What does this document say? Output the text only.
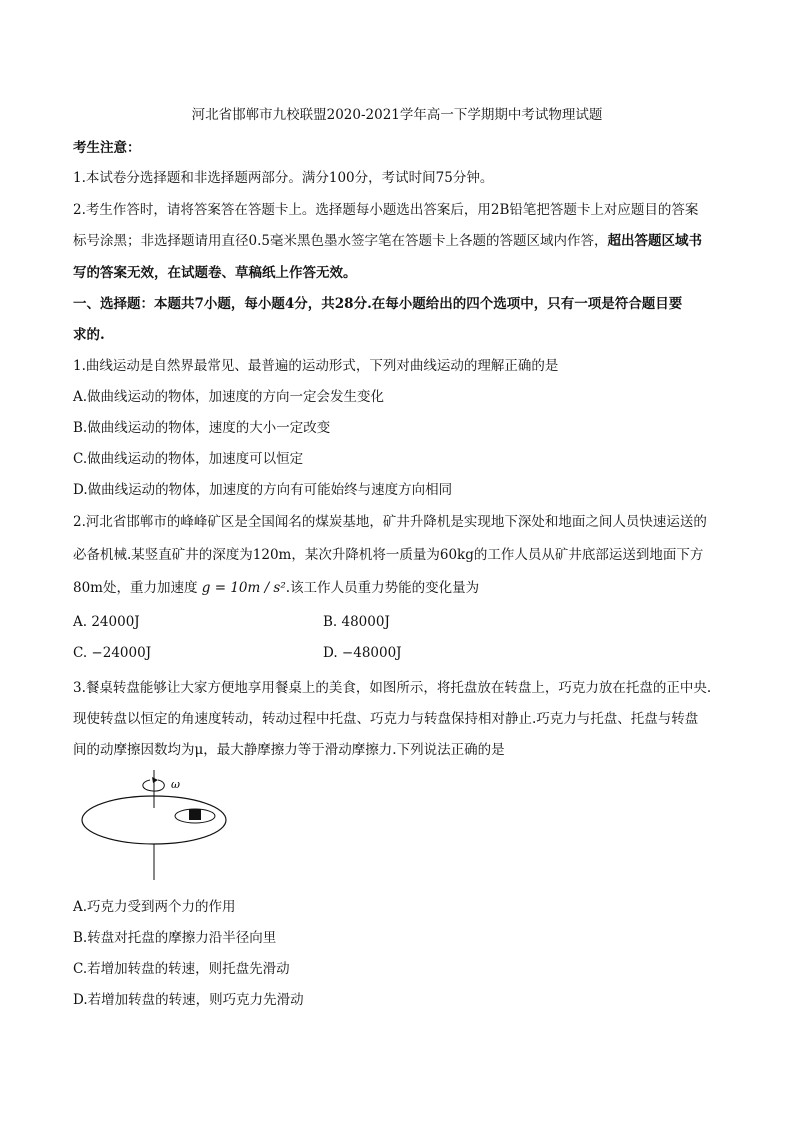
河北省邯郸市九校联盟2020-2021学年高一下学期期中考试物理试题
考生注意：
1.本试卷分选择题和非选择题两部分。满分100分，考试时间75分钟。
2.考生作答时，请将答案答在答题卡上。选择题每小题选出答案后，用2B铅笔把答题卡上对应题目的答案
标号涂黑；非选择题请用直径0.5毫米黑色墨水签字笔在答题卡上各题的答题区域内作答，超出答题区域书
写的答案无效，在试题卷、草稿纸上作答无效。
一、选择题：本题共7小题，每小题4分，共28分.在每小题给出的四个选项中，只有一项是符合题目要
求的.
1.曲线运动是自然界最常见、最普遍的运动形式，下列对曲线运动的理解正确的是
A.做曲线运动的物体，加速度的方向一定会发生变化
B.做曲线运动的物体，速度的大小一定改变
C.做曲线运动的物体，加速度可以恒定
D.做曲线运动的物体，加速度的方向有可能始终与速度方向相同
2.河北省邯郸市的峰峰矿区是全国闻名的煤炭基地，矿井升降机是实现地下深处和地面之间人员快速运送的
必备机械.某竖直矿井的深度为120m，某次升降机将一质量为60kg的工作人员从矿井底部运送到地面下方
80m处，重力加速度 g = 10m / s².该工作人员重力势能的变化量为
A. 24000J	B. 48000J
C. −24000J	D. −48000J
3.餐桌转盘能够让大家方便地享用餐桌上的美食，如图所示，将托盘放在转盘上，巧克力放在托盘的正中央.
现使转盘以恒定的角速度转动，转动过程中托盘、巧克力与转盘保持相对静止.巧克力与托盘、托盘与转盘
间的动摩擦因数均为μ，最大静摩擦力等于滑动摩擦力.下列说法正确的是
ω
A.巧克力受到两个力的作用
B.转盘对托盘的摩擦力沿半径向里
C.若增加转盘的转速，则托盘先滑动
D.若增加转盘的转速，则巧克力先滑动
